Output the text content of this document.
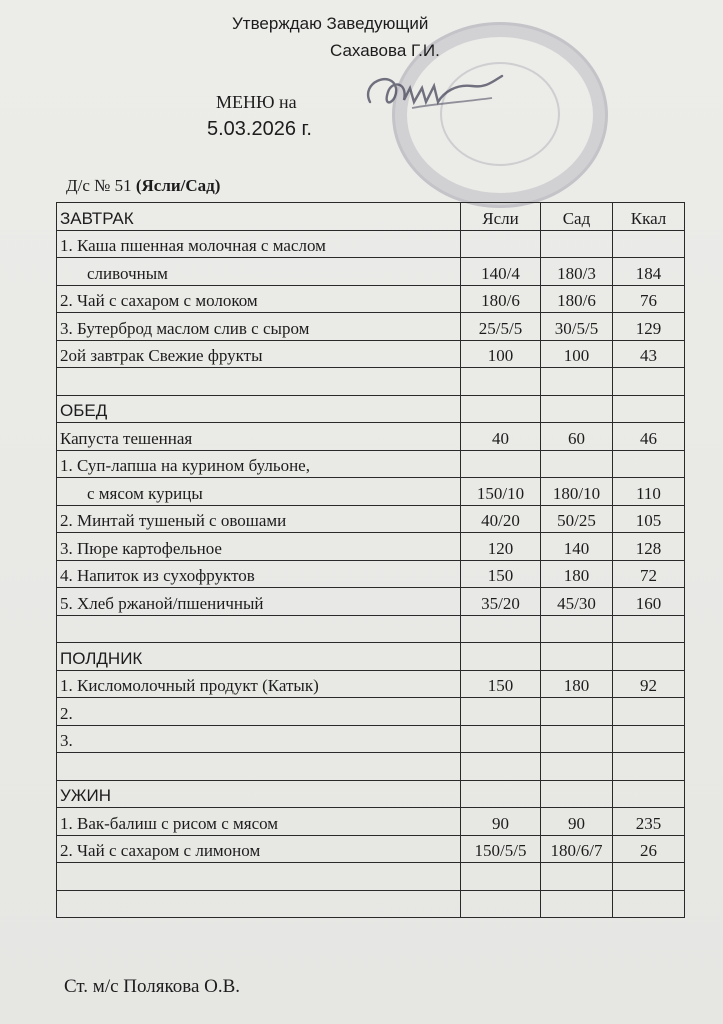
Утверждаю Заведующий
Сахавова Г.И.
МЕНЮ на
5.03.2026 г.
Д/с № 51 (Ясли/Сад)
ЗАВТРАК	Ясли	Сад	Ккал
1. Каша пшенная молочная с маслом			
сливочным	140/4	180/3	184
2. Чай с сахаром с молоком	180/6	180/6	76
3. Бутерброд маслом слив с сыром	25/5/5	30/5/5	129
2ой завтрак Свежие фрукты	100	100	43

ОБЕД			
Капуста тешенная	40	60	46
1. Суп-лапша на куринoм бульоне,			
с мясом курицы	150/10	180/10	110
2. Минтай тушеный с овошами	40/20	50/25	105
3. Пюре картофельное	120	140	128
4. Напиток из сухофруктов	150	180	72
5. Хлеб ржаной/пшеничный	35/20	45/30	160

ПОЛДНИК			
1. Кисломолочный продукт (Катык)	150	180	92
2.			
3.			

УЖИН			
1. Вак-балиш с рисом с мясом	90	90	235
2. Чай с сахаром с лимоном	150/5/5	180/6/7	26

Ст. м/с Полякова О.В.
